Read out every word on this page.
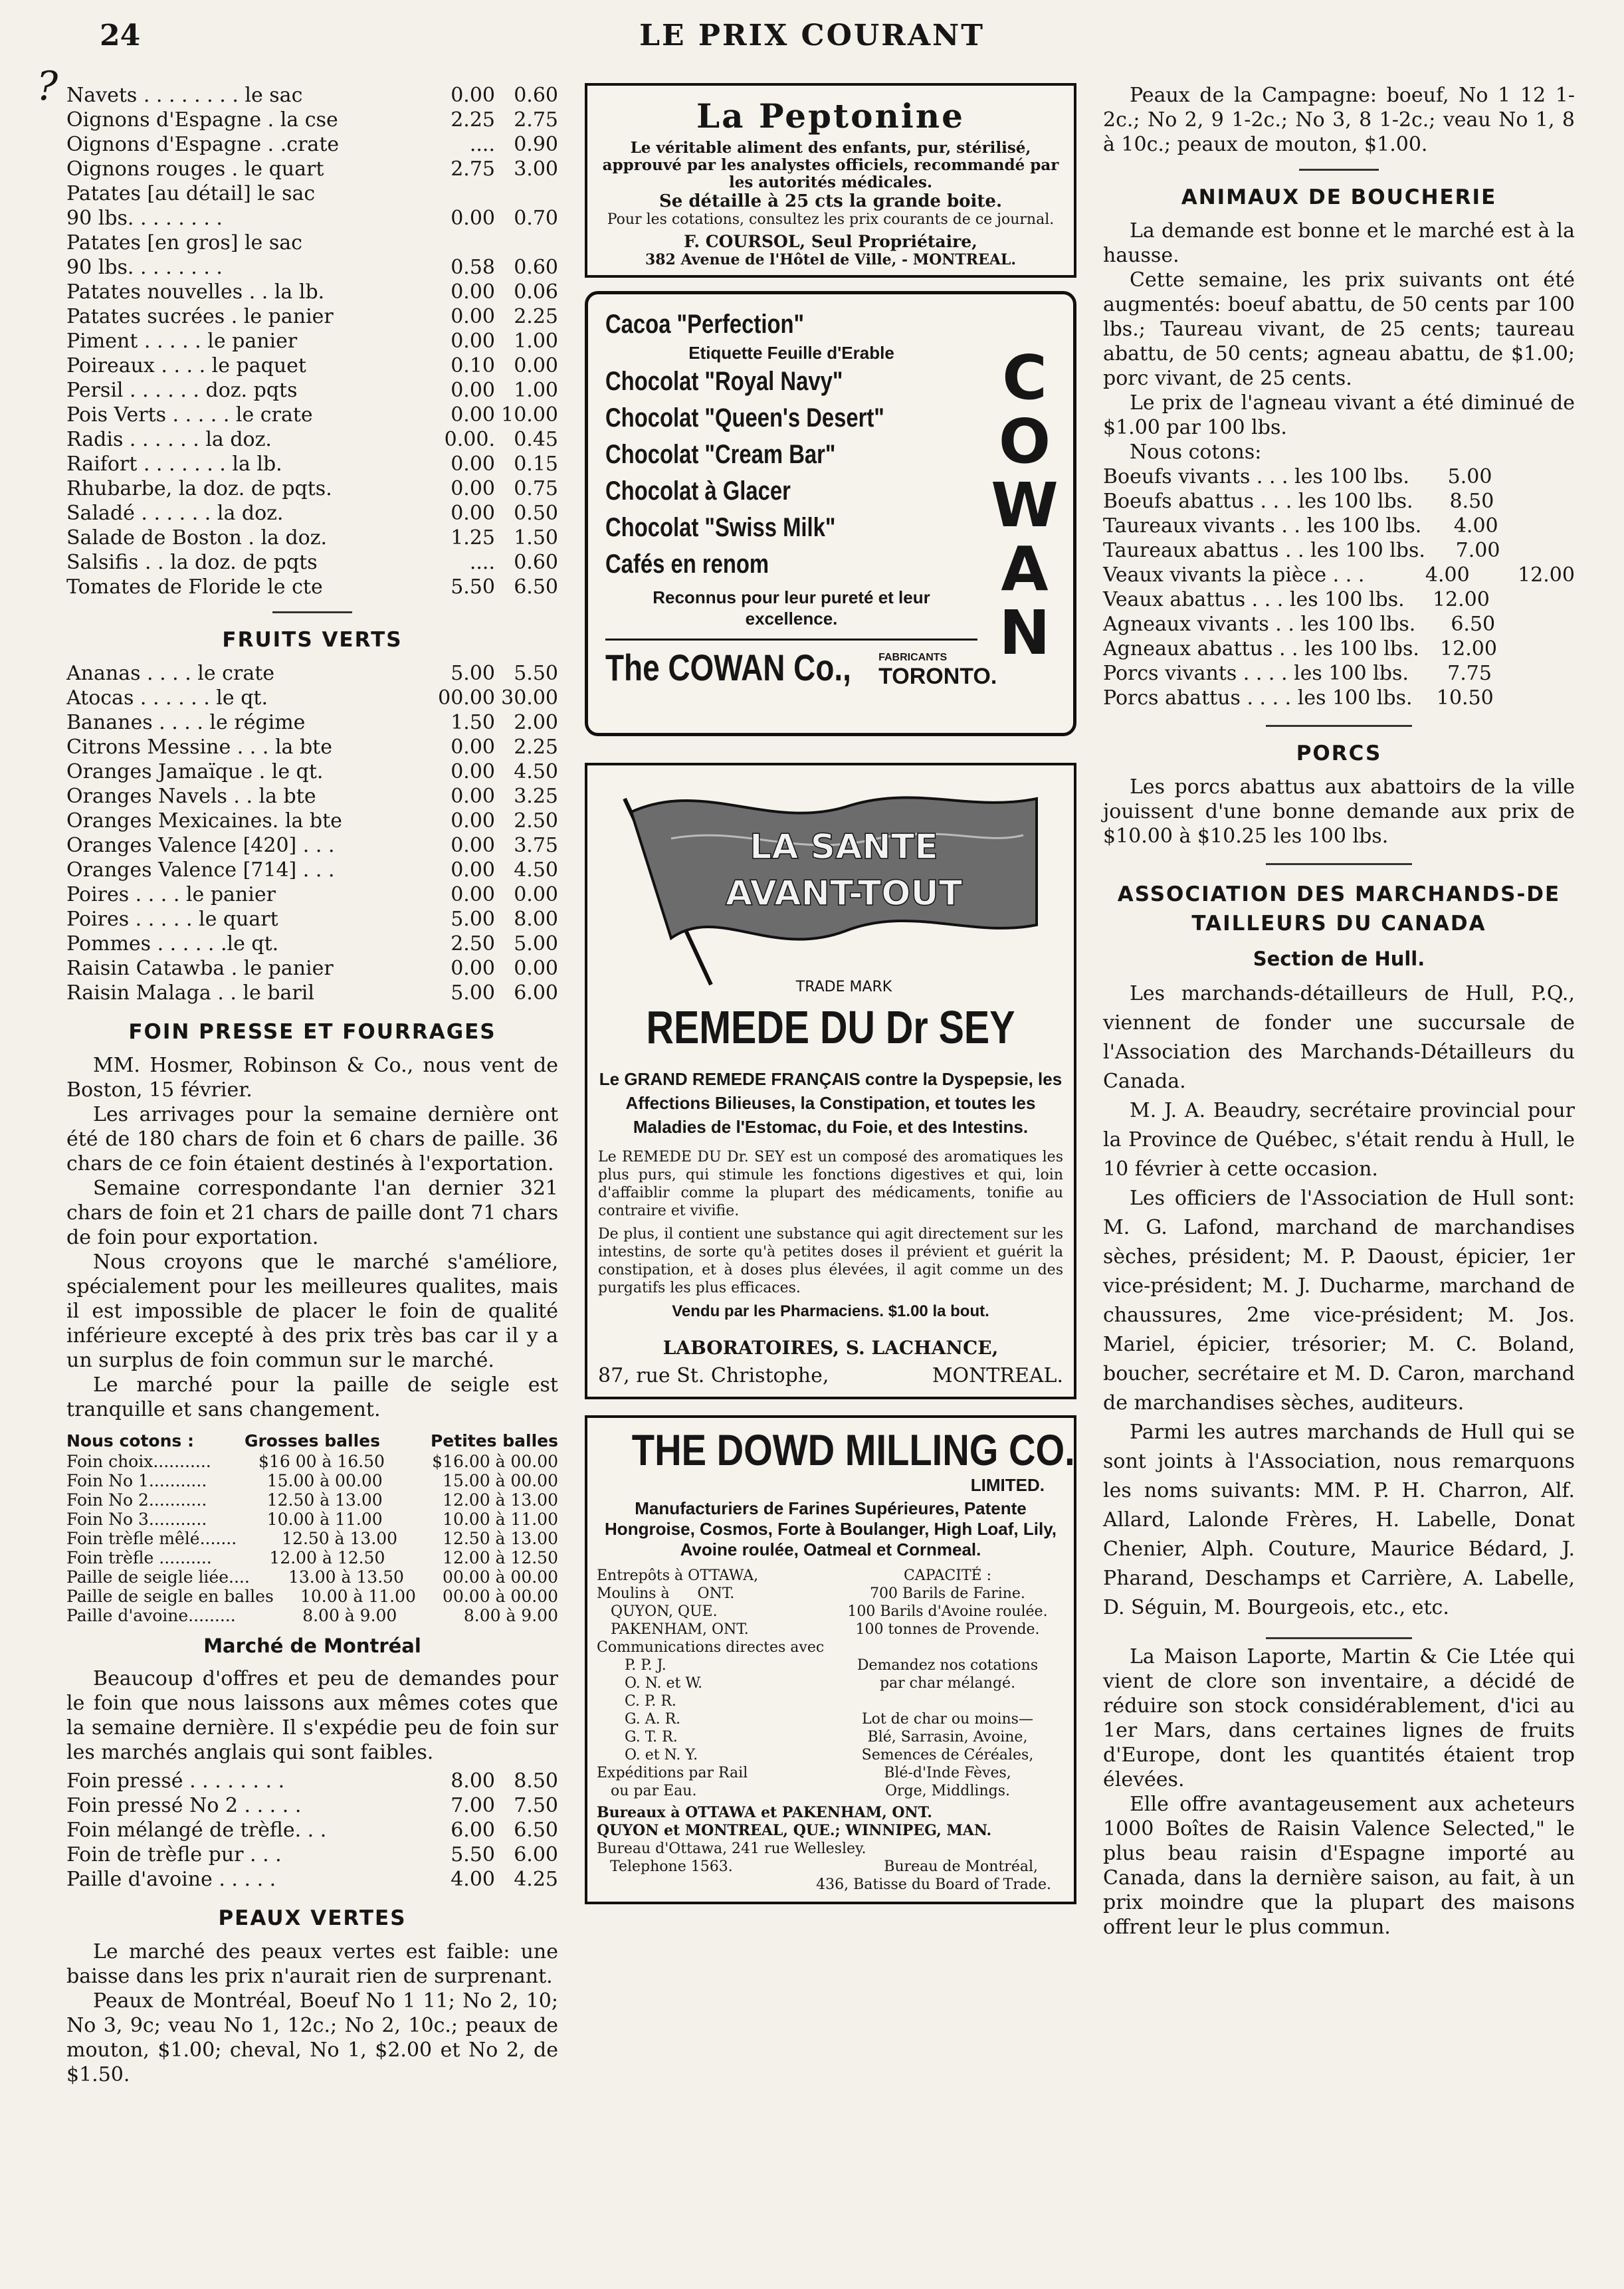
24	LE PRIX COURANT
? Navets . . . . . . . . le sac	0.00 0.60
Oignons d'Espagne . la cse	2.25 2.75
Oignons d'Espagne . .crate	.... 0.90
Oignons rouges . le quart	2.75 3.00
Patates [au détail] le sac
90 lbs. . . . . . . .	0.00 0.70
Patates [en gros] le sac
90 lbs. . . . . . . .	0.58 0.60
Patates nouvelles . . la lb.	0.00 0.06
Patates sucrées . le panier	0.00 2.25
Piment . . . . . le panier	0.00 1.00
Poireaux . . . . le paquet	0.10 0.00
Persil . . . . . . doz. pqts	0.00 1.00
Pois Verts . . . . . le crate	0.00 10.00
Radis . . . . . . la doz.	0.00. 0.45
Raifort . . . . . . . la lb.	0.00 0.15
Rhubarbe, la doz. de pqts.	0.00 0.75
Saladé . . . . . . la doz.	0.00 0.50
Salade de Boston . la doz.	1.25 1.50
Salsifis . . la doz. de pqts	.... 0.60
Tomates de Floride le cte	5.50 6.50
FRUITS VERTS
Ananas . . . . le crate	5.00 5.50
Atocas . . . . . . le qt.	00.00 30.00
Bananes . . . . le régime	1.50 2.00
Citrons Messine . . . la bte	0.00 2.25
Oranges Jamaïque . le qt.	0.00 4.50
Oranges Navels . . la bte	0.00 3.25
Oranges Mexicaines. la bte	0.00 2.50
Oranges Valence [420] . . .	0.00 3.75
Oranges Valence [714] . . .	0.00 4.50
Poires . . . . le panier	0.00 0.00
Poires . . . . . le quart	5.00 8.00
Pommes . . . . . .le qt.	2.50 5.00
Raisin Catawba . le panier	0.00 0.00
Raisin Malaga . . le baril	5.00 6.00
FOIN PRESSE ET FOURRAGES

MM. Hosmer, Robinson & Co., nous vent de Boston, 15 février.

Les arrivages pour la semaine dernière ont été de 180 chars de foin et 6 chars de paille. 36 chars de ce foin étaient destinés à l'exportation.

Semaine correspondante l'an dernier 321 chars de foin et 21 chars de paille dont 71 chars de foin pour exportation.

Nous croyons que le marché s'améliore, spécialement pour les meilleures qualites, mais il est impossible de placer le foin de qualité inférieure excepté à des prix très bas car il y a un surplus de foin commun sur le marché.

Le marché pour la paille de seigle est tranquille et sans changement.

Nous cotons :	Grosses balles	Petites balles
Foin choix...........	$16 00 à 16.50	$16.00 à 00.00
Foin No 1...........	15.00 à 00.00	15.00 à 00.00
Foin No 2...........	12.50 à 13.00	12.00 à 13.00
Foin No 3...........	10.00 à 11.00	10.00 à 11.00
Foin trèfle mêlé.......	12.50 à 13.00	12.50 à 13.00
Foin trèfle ..........	12.00 à 12.50	12.00 à 12.50
Paille de seigle liée....	13.00 à 13.50	00.00 à 00.00
Paille de seigle en balles	10.00 à 11.00	00.00 à 00.00
Paille d'avoine.........	8.00 à 9.00	8.00 à 9.00
Marché de Montréal

Beaucoup d'offres et peu de demandes pour le foin que nous laissons aux mêmes cotes que la semaine dernière. Il s'expédie peu de foin sur les marchés anglais qui sont faibles.

Foin pressé . . . . . . . .	8.00 8.50
Foin pressé No 2 . . . . .	7.00 7.50
Foin mélangé de trèfle. . .	6.00 6.50
Foin de trèfle pur . . .	5.50 6.00
Paille d'avoine . . . . .	4.00 4.25
PEAUX VERTES

Le marché des peaux vertes est faible: une baisse dans les prix n'aurait rien de surprenant.

Peaux de Montréal, Boeuf No 1 11; No 2, 10; No 3, 9c; veau No 1, 12c.; No 2, 10c.; peaux de mouton, $1.00; cheval, No 1, $2.00 et No 2, de $1.50.

La Peptonine

Le véritable aliment des enfants, pur, stérilisé, approuvé par les analystes officiels, recommandé par les autorités médicales.

Se détaille à 25 cts la grande boite.

Pour les cotations, consultez les prix courants de ce journal.

F. COURSOL, Seul Propriétaire,

382 Avenue de l'Hôtel de Ville, - MONTREAL.

Cacoa "Perfection"
Etiquette Feuille d'Erable
Chocolat "Royal Navy"
Chocolat "Queen's Desert"
Chocolat "Cream Bar"
Chocolat à Glacer
Chocolat "Swiss Milk"
Cafés en renom
Reconnus pour leur pureté et leur excellence.
The COWAN Co.,	FABRICANTS
TORONTO.
C
O
W
A
N
LA SANTE
AVANT-TOUT
TRADE MARK
REMEDE DU Dr SEY

Le GRAND REMEDE FRANÇAIS contre la Dyspepsie, les Affections Bilieuses, la Constipation, et toutes les Maladies de l'Estomac, du Foie, et des Intestins.

Le REMEDE DU Dr. SEY est un composé des aromatiques les plus purs, qui stimule les fonctions digestives et qui, loin d'affaiblir comme la plupart des médicaments, tonifie au contraire et vivifie.

De plus, il contient une substance qui agit directement sur les intestins, de sorte qu'à petites doses il prévient et guérit la constipation, et à doses plus élevées, il agit comme un des purgatifs les plus efficaces.

Vendu par les Pharmaciens. $1.00 la bout.

LABORATOIRES, S. LACHANCE,

87, rue St. Christophe,	MONTREAL.
THE DOWD MILLING CO.
LIMITED.

Manufacturiers de Farines Supérieures, Patente Hongroise, Cosmos, Forte à Boulanger, High Loaf, Lily, Avoine roulée, Oatmeal et Cornmeal.

Entrepôts à OTTAWA,
Moulins à      ONT.
QUYON, QUE.
PAKENHAM, ONT.
Communications directes avec
P. P. J.
O. N. et W.
C. P. R.
G. A. R.
G. T. R.
O. et N. Y.
Expéditions par Rail
ou par Eau.
CAPACITÉ :
700 Barils de Farine.
100 Barils d'Avoine roulée.
100 tonnes de Provende.
Demandez nos cotations
par char mélangé.
Lot de char ou moins—
Blé, Sarrasin, Avoine,
Semences de Céréales,
Blé-d'Inde Fèves,
Orge, Middlings.

Bureaux à OTTAWA et PAKENHAM, ONT.

QUYON et MONTREAL, QUE.; WINNIPEG, MAN.

Bureau d'Ottawa, 241 rue Wellesley.

Telephone 1563.	Bureau de Montréal,

436, Batisse du Board of Trade.

Peaux de la Campagne: boeuf, No 1 12 1-2c.; No 2, 9 1-2c.; No 3, 8 1-2c.; veau No 1, 8 à 10c.; peaux de mouton, $1.00.

ANIMAUX DE BOUCHERIE

La demande est bonne et le marché est à la hausse.

Cette semaine, les prix suivants ont été augmentés: boeuf abattu, de 50 cents par 100 lbs.; Taureau vivant, de 25 cents; taureau abattu, de 50 cents; agneau abattu, de $1.00; porc vivant, de 25 cents.

Le prix de l'agneau vivant a été diminué de $1.00 par 100 lbs.

Nous cotons:

Boeufs vivants . . . les 100 lbs.	5.00
Boeufs abattus . . . les 100 lbs.	8.50
Taureaux vivants . . les 100 lbs.	4.00
Taureaux abattus . . les 100 lbs.	7.00
Veaux vivants la pièce . . .	4.00	12.00
Veaux abattus . . . les 100 lbs.	12.00
Agneaux vivants . . les 100 lbs.	6.50
Agneaux abattus . . les 100 lbs.	12.00
Porcs vivants . . . . les 100 lbs.	7.75
Porcs abattus . . . . les 100 lbs.	10.50
PORCS

Les porcs abattus aux abattoirs de la ville jouissent d'une bonne demande aux prix de $10.00 à $10.25 les 100 lbs.

ASSOCIATION DES MARCHANDS-DE TAILLEURS DU CANADA
Section de Hull.

Les marchands-détailleurs de Hull, P.Q., viennent de fonder une succursale de l'Association des Marchands-Détailleurs du Canada.

M. J. A. Beaudry, secrétaire provincial pour la Province de Québec, s'était rendu à Hull, le 10 février à cette occasion.

Les officiers de l'Association de Hull sont: M. G. Lafond, marchand de marchandises sèches, président; M. P. Daoust, épicier, 1er vice-président; M. J. Ducharme, marchand de chaussures, 2me vice-président; M. Jos. Mariel, épicier, trésorier; M. C. Boland, boucher, secrétaire et M. D. Caron, marchand de marchandises sèches, auditeurs.

Parmi les autres marchands de Hull qui se sont joints à l'Association, nous remarquons les noms suivants: MM. P. H. Charron, Alf. Allard, Lalonde Frères, H. Labelle, Donat Chenier, Alph. Couture, Maurice Bédard, J. Pharand, Deschamps et Carrière, A. Labelle, D. Séguin, M. Bourgeois, etc., etc.

La Maison Laporte, Martin & Cie Ltée qui vient de clore son inventaire, a décidé de réduire son stock considérablement, d'ici au 1er Mars, dans certaines lignes de fruits d'Europe, dont les quantités étaient trop élevées.

Elle offre avantageusement aux acheteurs 1000 Boîtes de Raisin Valence Selected," le plus beau raisin d'Espagne importé au Canada, dans la dernière saison, au fait, à un prix moindre que la plupart des maisons offrent leur le plus commun.
